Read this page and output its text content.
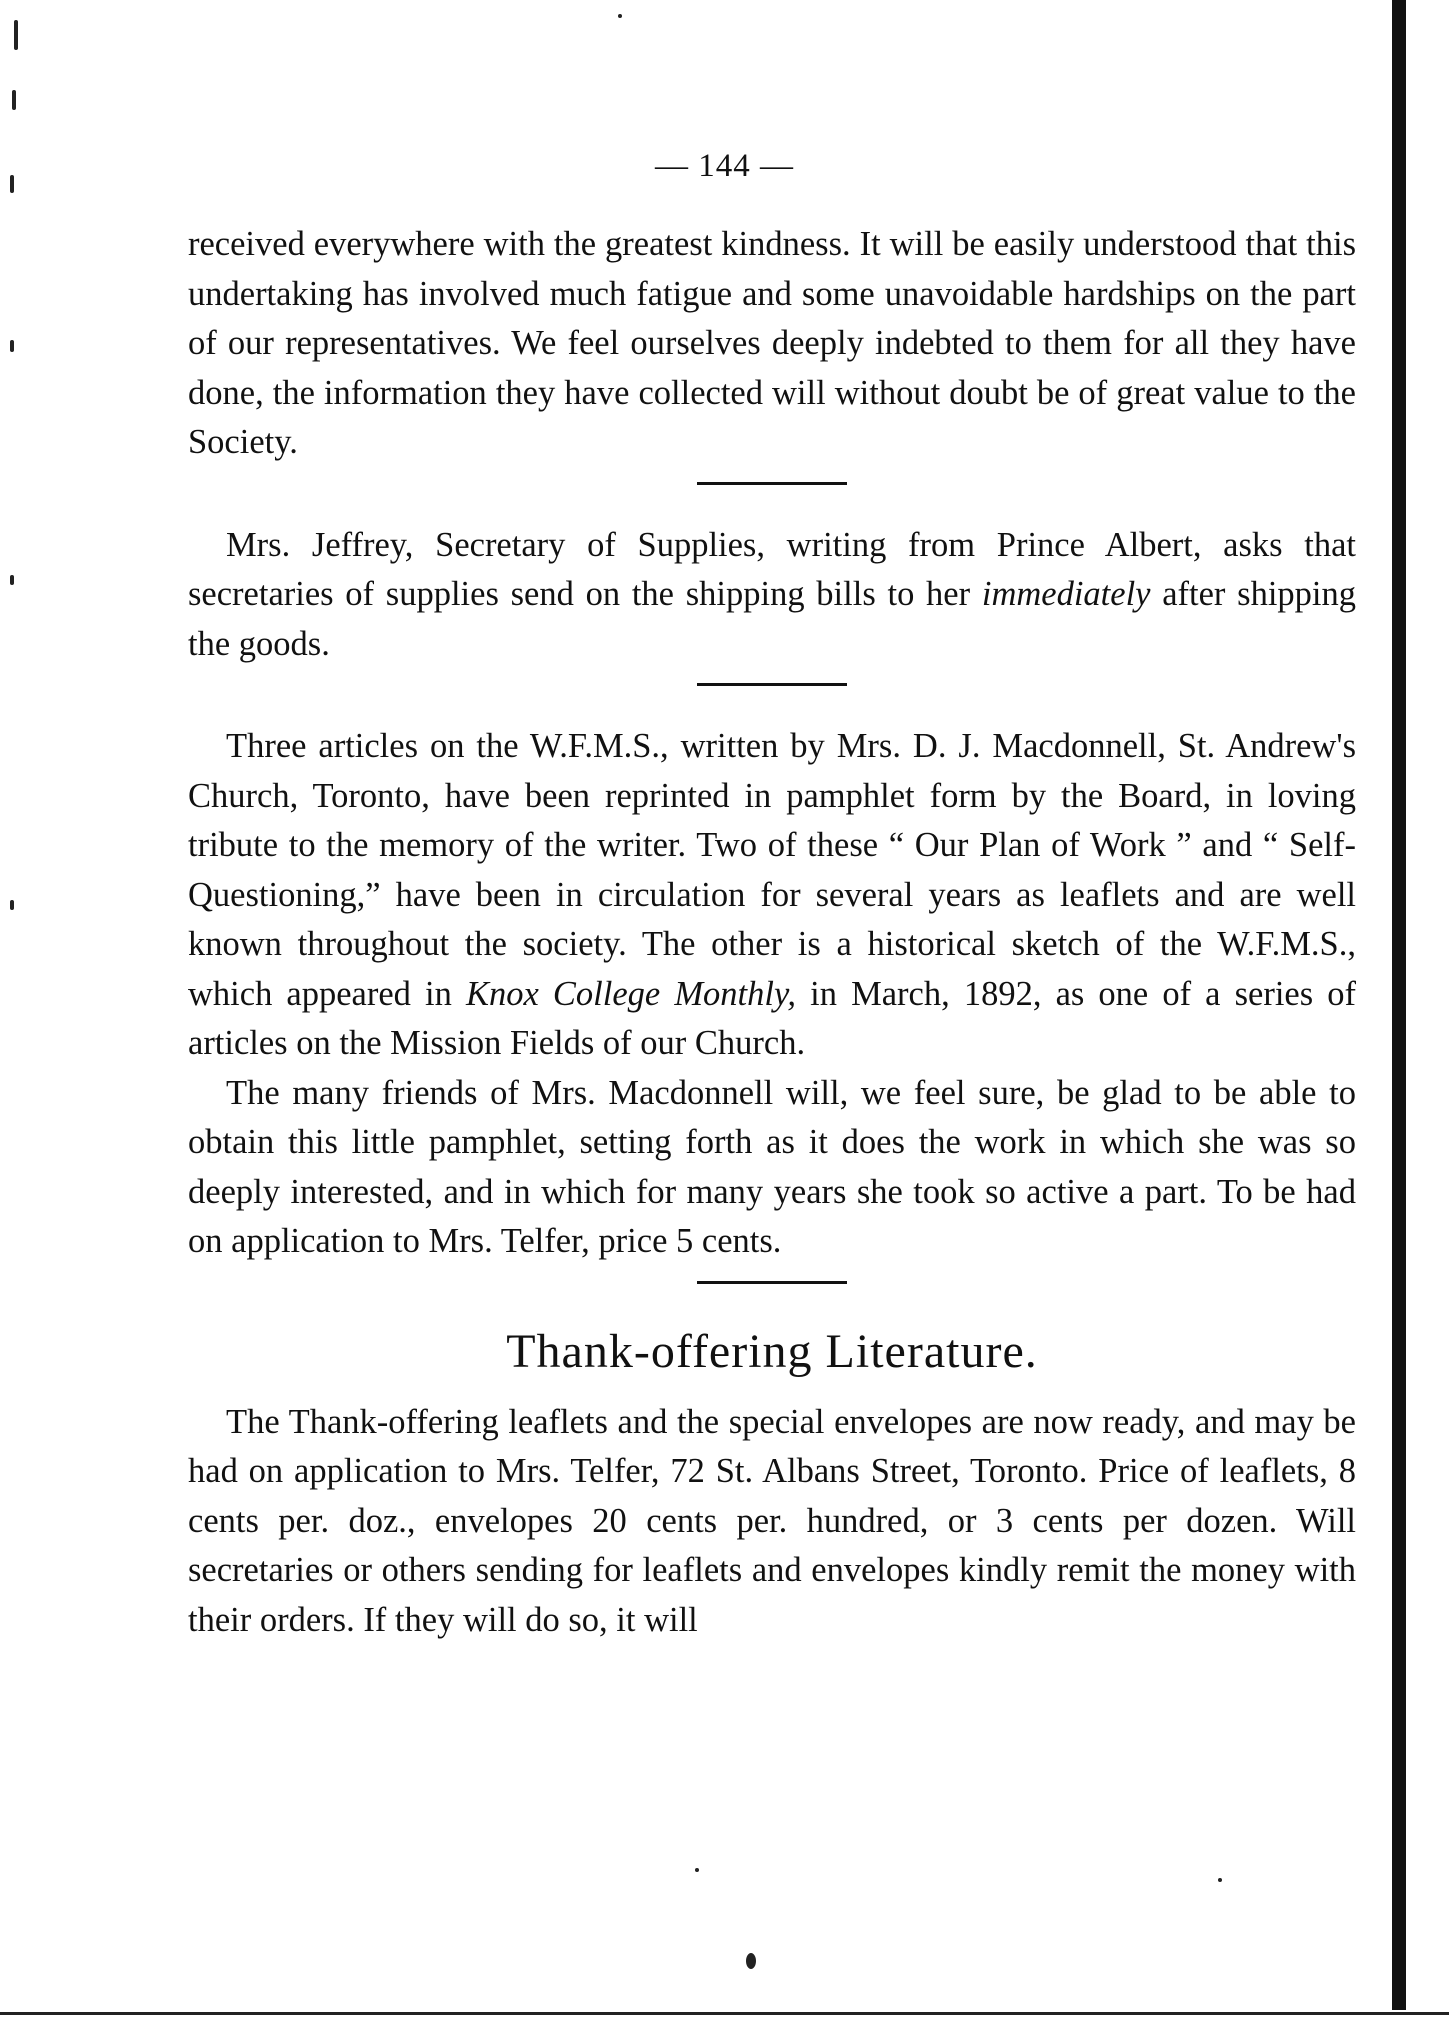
— 144 —

received everywhere with the greatest kindness. It will be easily understood that this undertaking has involved much fatigue and some unavoidable hardships on the part of our representatives. We feel ourselves deeply indebted to them for all they have done, the information they have collected will without doubt be of great value to the Society.

Mrs. Jeffrey, Secretary of Supplies, writing from Prince Albert, asks that secretaries of supplies send on the shipping bills to her immediately after shipping the goods.

Three articles on the W.F.M.S., written by Mrs. D. J. Macdonnell, St. Andrew's Church, Toronto, have been reprinted in pamphlet form by the Board, in loving tribute to the memory of the writer. Two of these “ Our Plan of Work ” and “ Self-Questioning,” have been in circulation for several years as leaflets and are well known throughout the society. The other is a historical sketch of the W.F.M.S., which appeared in Knox College Monthly, in March, 1892, as one of a series of articles on the Mission Fields of our Church.

The many friends of Mrs. Macdonnell will, we feel sure, be glad to be able to obtain this little pamphlet, setting forth as it does the work in which she was so deeply interested, and in which for many years she took so active a part. To be had on application to Mrs. Telfer, price 5 cents.

Thank-offering Literature.

The Thank-offering leaflets and the special envelopes are now ready, and may be had on application to Mrs. Telfer, 72 St. Albans Street, Toronto. Price of leaflets, 8 cents per. doz., envelopes 20 cents per. hundred, or 3 cents per dozen. Will secretaries or others sending for leaflets and envelopes kindly remit the money with their orders. If they will do so, it will
